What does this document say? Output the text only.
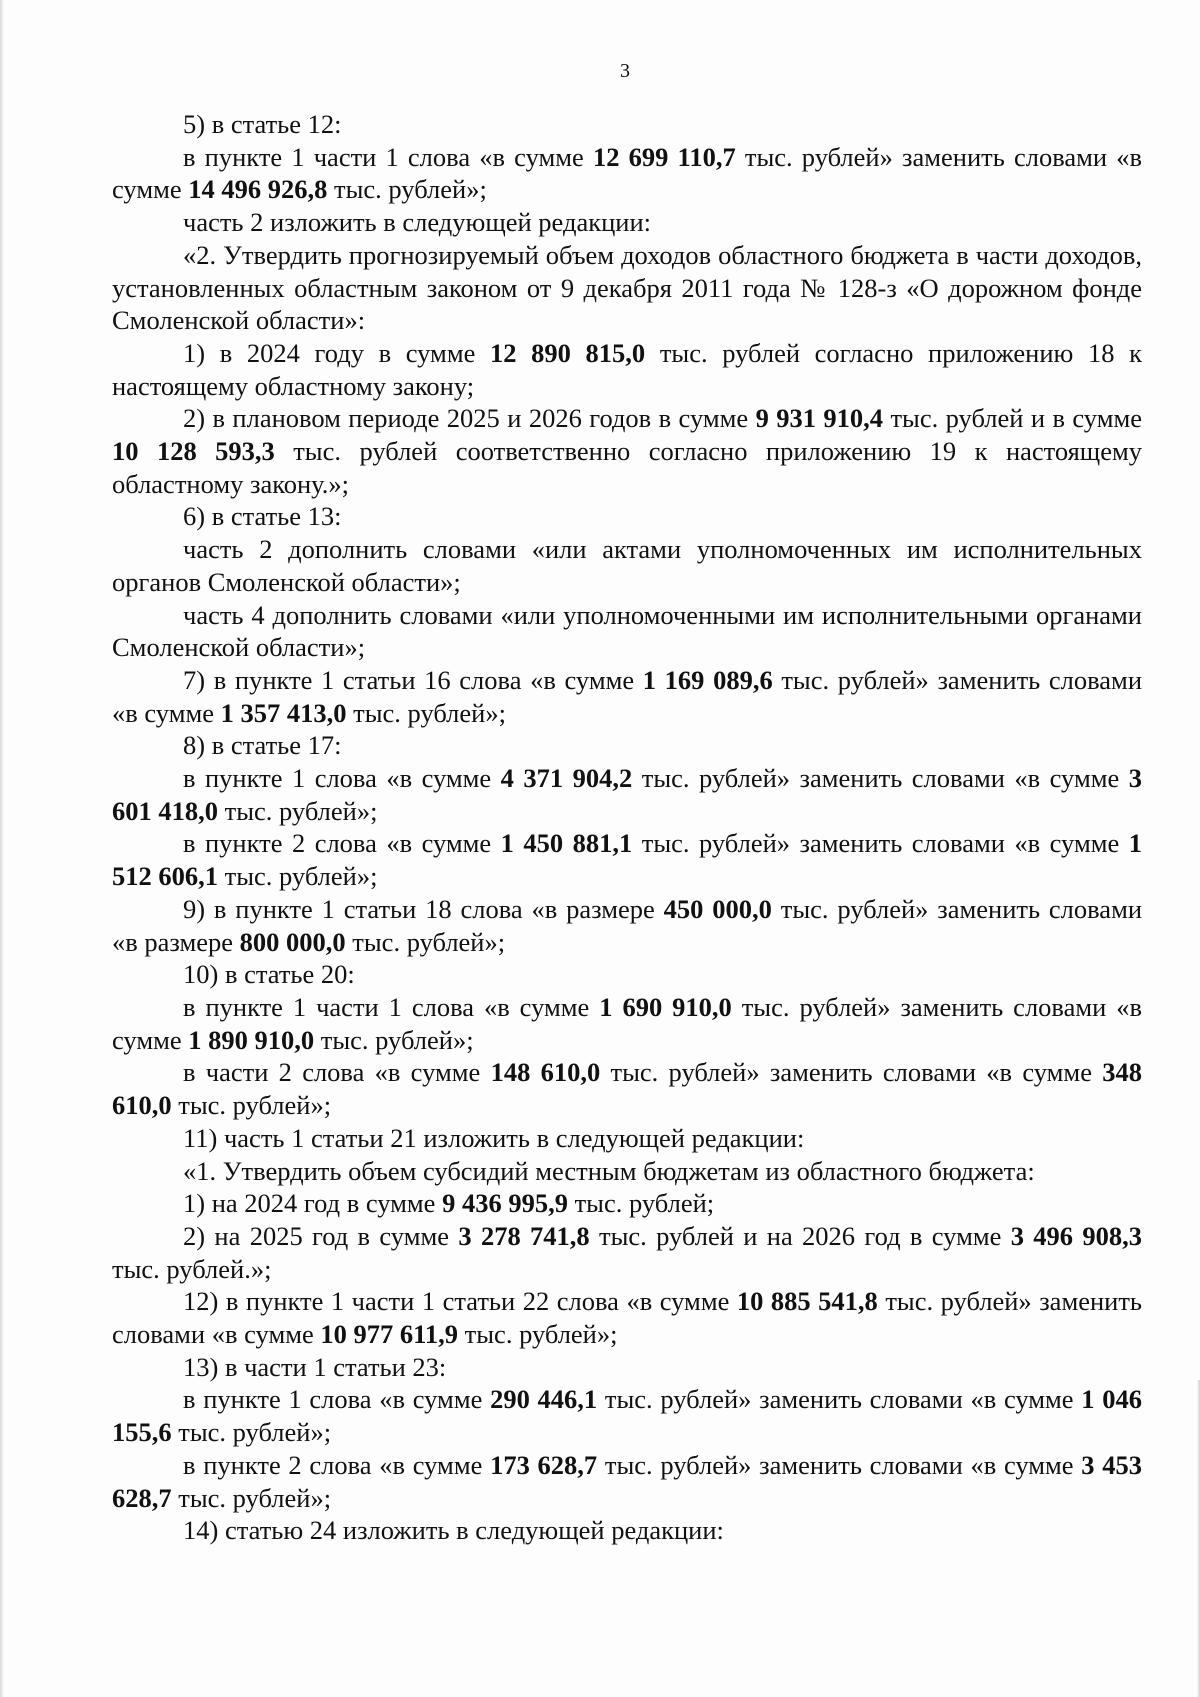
3

5) в статье 12:

в пункте 1 части 1 слова «в сумме 12 699 110,7 тыс. рублей» заменить словами «в сумме 14 496 926,8 тыс. рублей»;

часть 2 изложить в следующей редакции:

«2. Утвердить прогнозируемый объем доходов областного бюджета в части доходов, установленных областным законом от 9 декабря 2011 года № 128-з «О дорожном фонде Смоленской области»:

1) в 2024 году в сумме 12 890 815,0 тыс. рублей согласно приложению 18 к настоящему областному закону;

2) в плановом периоде 2025 и 2026 годов в сумме 9 931 910,4 тыс. рублей и в сумме 10 128 593,3 тыс. рублей соответственно согласно приложению 19 к настоящему областному закону.»;

6) в статье 13:

часть 2 дополнить словами «или актами уполномоченных им исполнительных органов Смоленской области»;

часть 4 дополнить словами «или уполномоченными им исполнительными органами Смоленской области»;

7) в пункте 1 статьи 16 слова «в сумме 1 169 089,6 тыс. рублей» заменить словами «в сумме 1 357 413,0 тыс. рублей»;

8) в статье 17:

в пункте 1 слова «в сумме 4 371 904,2 тыс. рублей» заменить словами «в сумме 3 601 418,0 тыс. рублей»;

в пункте 2 слова «в сумме 1 450 881,1 тыс. рублей» заменить словами «в сумме 1 512 606,1 тыс. рублей»;

9) в пункте 1 статьи 18 слова «в размере 450 000,0 тыс. рублей» заменить словами «в размере 800 000,0 тыс. рублей»;

10) в статье 20:

в пункте 1 части 1 слова «в сумме 1 690 910,0 тыс. рублей» заменить словами «в сумме 1 890 910,0 тыс. рублей»;

в части 2 слова «в сумме 148 610,0 тыс. рублей» заменить словами «в сумме 348 610,0 тыс. рублей»;

11) часть 1 статьи 21 изложить в следующей редакции:

«1. Утвердить объем субсидий местным бюджетам из областного бюджета:

1) на 2024 год в сумме 9 436 995,9 тыс. рублей;

2) на 2025 год в сумме 3 278 741,8 тыс. рублей и на 2026 год в сумме 3 496 908,3 тыс. рублей.»;

12) в пункте 1 части 1 статьи 22 слова «в сумме 10 885 541,8 тыс. рублей» заменить словами «в сумме 10 977 611,9 тыс. рублей»;

13) в части 1 статьи 23:

в пункте 1 слова «в сумме 290 446,1 тыс. рублей» заменить словами «в сумме 1 046 155,6 тыс. рублей»;

в пункте 2 слова «в сумме 173 628,7 тыс. рублей» заменить словами «в сумме 3 453 628,7 тыс. рублей»;

14) статью 24 изложить в следующей редакции:
